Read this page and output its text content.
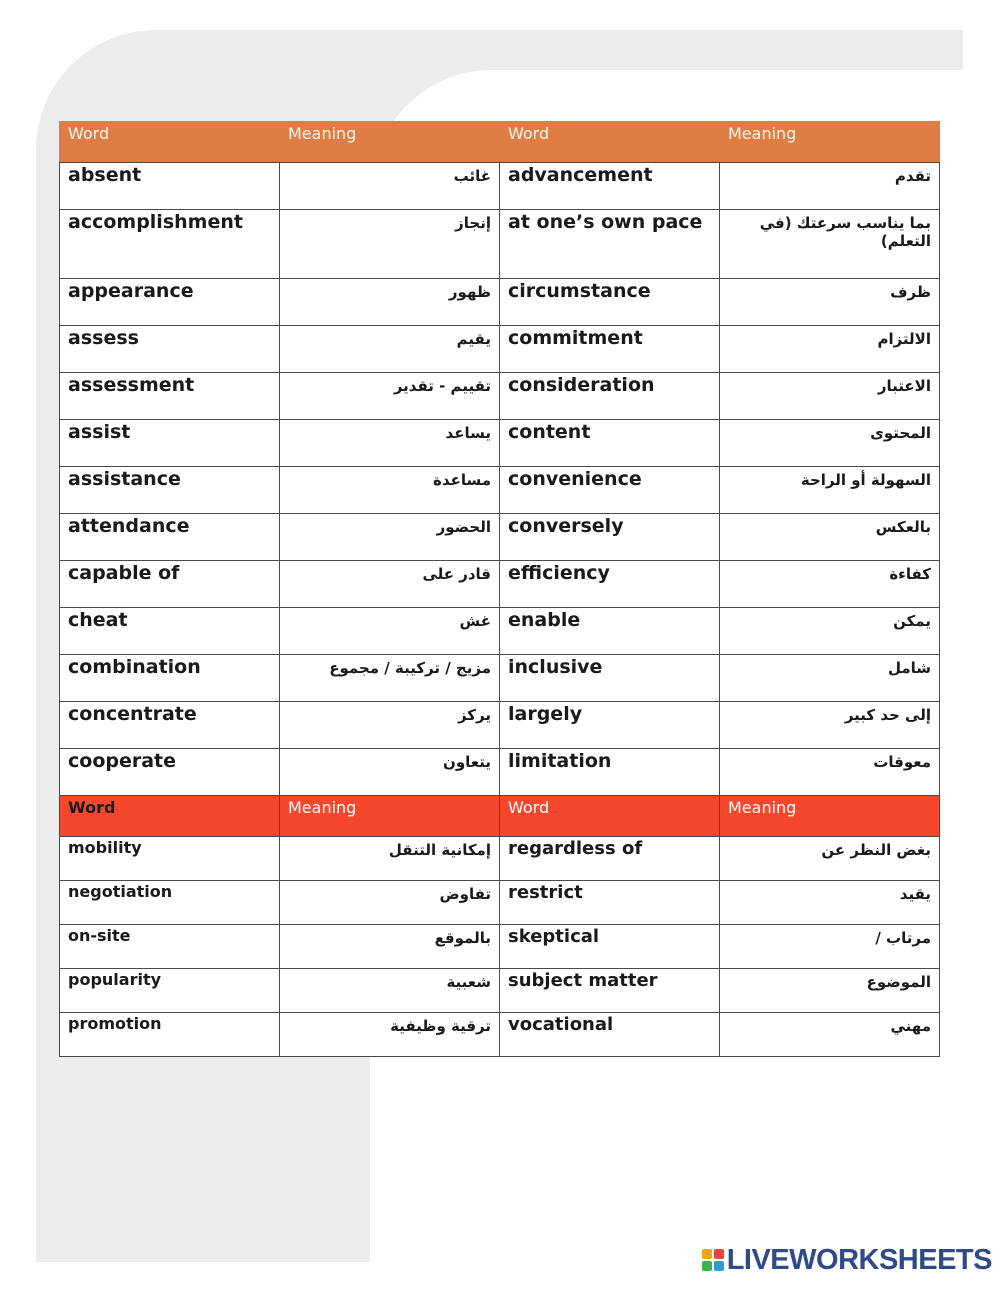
Word	Meaning	Word	Meaning
absent	غائب	advancement	تقدم
accomplishment	إنجاز	at one’s own pace	بما يناسب سرعتك (في التعلم)
appearance	ظهور	circumstance	ظرف
assess	يقيم	commitment	الالتزام
assessment	تقييم - تقدير	consideration	الاعتبار
assist	يساعد	content	المحتوى
assistance	مساعدة	convenience	السهولة أو الراحة
attendance	الحضور	conversely	بالعكس
capable of	قادر على	efficiency	كفاءة
cheat	غش	enable	يمكن
combination	مزيج / تركيبة / مجموع	inclusive	شامل
concentrate	يركز	largely	إلى حد كبير
cooperate	يتعاون	limitation	معوقات
Word	Meaning	Word	Meaning
mobility	إمكانية التنقل	regardless of	بغض النظر عن
negotiation	تفاوض	restrict	يقيد
on-site	بالموقع	skeptical	مرتاب /
popularity	شعبية	subject matter	الموضوع
promotion	ترقية وظيفية	vocational	مهني
LIVEWORKSHEETS
